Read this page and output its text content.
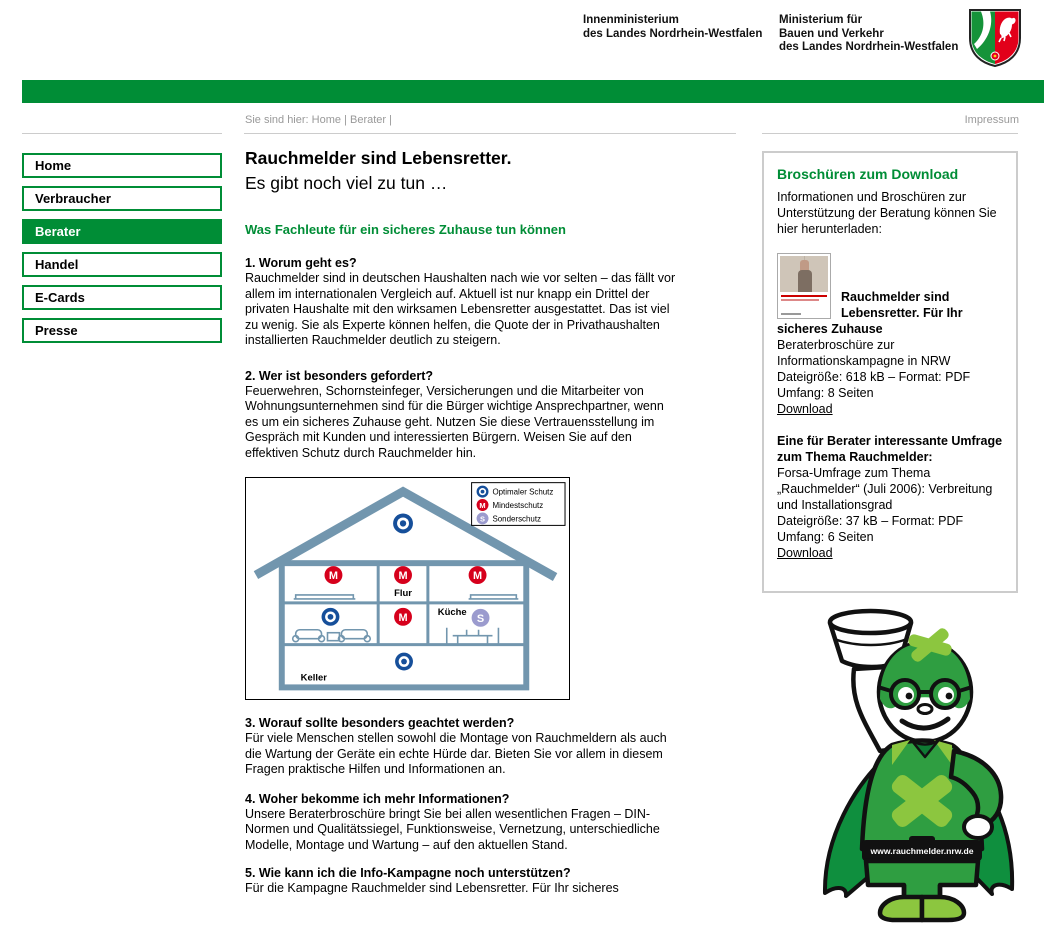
Innenministerium
des Landes Nordrhein-Westfalen
Ministerium für
Bauen und Verkehr
des Landes Nordrhein-Westfalen
Sie sind hier: Home | Berater |	Impressum
Home
Verbraucher
Berater
Handel
E-Cards
Presse
Rauchmelder sind Lebensretter.
Es gibt noch viel zu tun …
Was Fachleute für ein sicheres Zuhause tun können
1. Worum geht es?
Rauchmelder sind in deutschen Haushalten nach wie vor selten – das fällt vor allem im internationalen Vergleich auf. Aktuell ist nur knapp ein Drittel der privaten Haushalte mit den wirksamen Lebensretter ausgestattet. Das ist viel zu wenig. Sie als Experte können helfen, die Quote der in Privathaushalten installierten Rauchmelder deutlich zu steigern.
2. Wer ist besonders gefordert?
Feuerwehren, Schornsteinfeger, Versicherungen und die Mitarbeiter von Wohnungsunternehmen sind für die Bürger wichtige Ansprechpartner, wenn es um ein sicheres Zuhause geht. Nutzen Sie diese Vertrauensstellung im Gespräch mit Kunden und interessierten Bürgern. Weisen Sie auf den effektiven Schutz durch Rauchmelder hin.
M	M	M
M	S
Flur
Küche
Keller
M
S
Optimaler Schutz
Mindestschutz
Sonderschutz
3. Worauf sollte besonders geachtet werden?
Für viele Menschen stellen sowohl die Montage von Rauchmeldern als auch die Wartung der Geräte ein echte Hürde dar. Bieten Sie vor allem in diesem Fragen praktische Hilfen und Informationen an.
4. Woher bekomme ich mehr Informationen?
Unsere Beraterbroschüre bringt Sie bei allen wesentlichen Fragen – DIN-Normen und Qualitätssiegel, Funktionsweise, Vernetzung, unterschiedliche Modelle, Montage und Wartung – auf den aktuellen Stand.
5. Wie kann ich die Info-Kampagne noch unterstützen?
Für die Kampagne Rauchmelder sind Lebensretter. Für Ihr sicheres
Broschüren zum Download
Informationen und Broschüren zur Unterstützung der Beratung können Sie hier herunterladen:
Rauchmelder sind Lebensretter. Für Ihr sicheres Zuhause
Beraterbroschüre zur Informationskampagne in NRW
Dateigröße: 618 kB – Format: PDF
Umfang: 8 Seiten
Download
Eine für Berater interessante Umfrage zum Thema Rauchmelder:
Forsa-Umfrage zum Thema „Rauchmelder“ (Juli 2006): Verbreitung und Installationsgrad
Dateigröße: 37 kB – Format: PDF
Umfang: 6 Seiten
Download
www.rauchmelder.nrw.de
